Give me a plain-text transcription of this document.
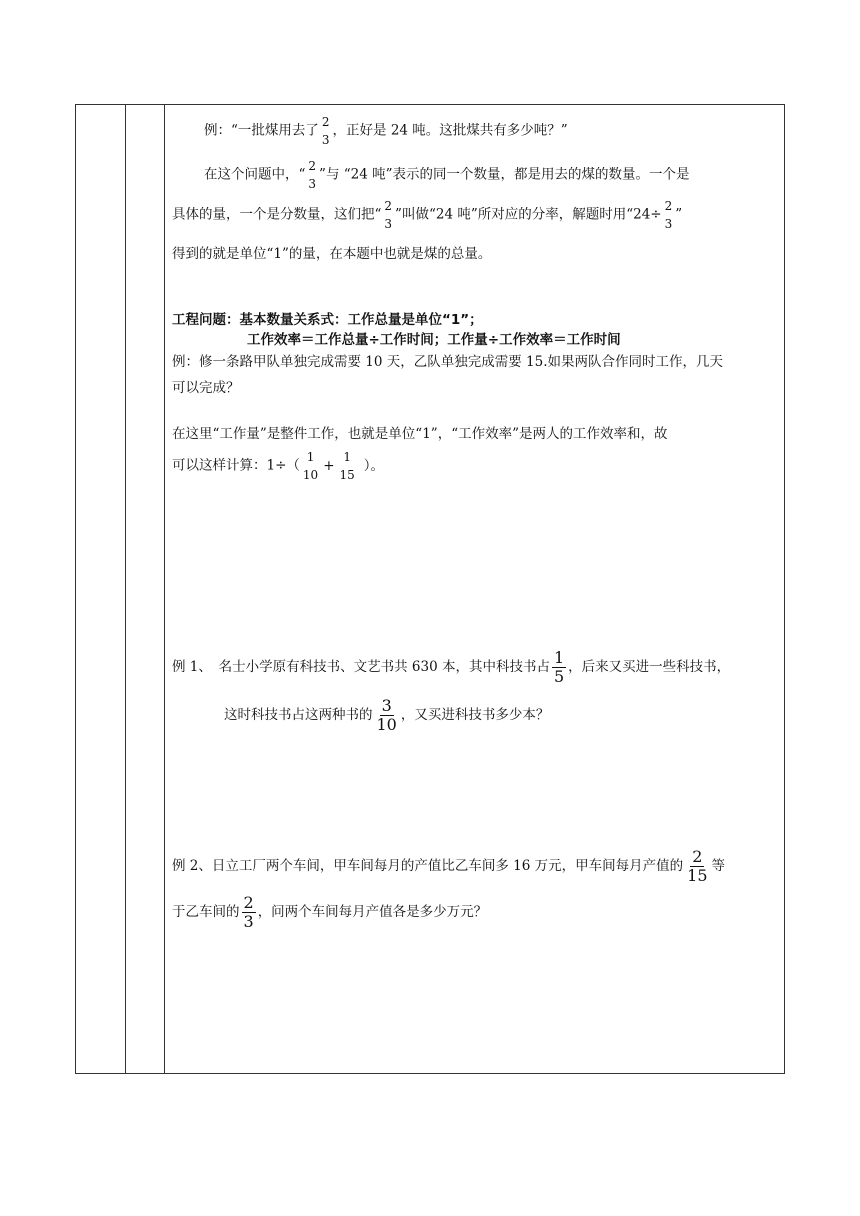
例：“一批煤用去了
2
3
，正好是 24 吨。这批煤共有多少吨？”
在这个问题中，“
2
3
”与 “24 吨”表示的同一个数量，都是用去的煤的数量。一个是
具体的量，一个是分数量，这们把“
2
3
”叫做“24 吨”所对应的分率，解题时用“24÷
2
3
”
得到的就是单位“1”的量，在本题中也就是煤的总量。
工程问题：基本数量关系式：工作总量是单位“1”；
工作效率＝工作总量÷工作时间；工作量÷工作效率＝工作时间
例：修一条路甲队单独完成需要 10 天，乙队单独完成需要 15.如果两队合作同时工作，几天
可以完成？
在这里“工作量”是整件工作，也就是单位“1”，“工作效率”是两人的工作效率和，故
可以这样计算：1÷（
1
10
+
1
15
）。
例 1、　名士小学原有科技书、文艺书共 630 本，其中科技书占 $\frac{1}{5}$ ，后来又买进一些科技书，
这时科技书占这两种书的 $\frac{3}{10}$ ，又买进科技书多少本？
例 2、日立工厂两个车间，甲车间每月的产值比乙车间多 16 万元，甲车间每月产值的 $\frac{2}{15}$ 等
于乙车间的 $\frac{2}{3}$ ，问两个车间每月产值各是多少万元？
